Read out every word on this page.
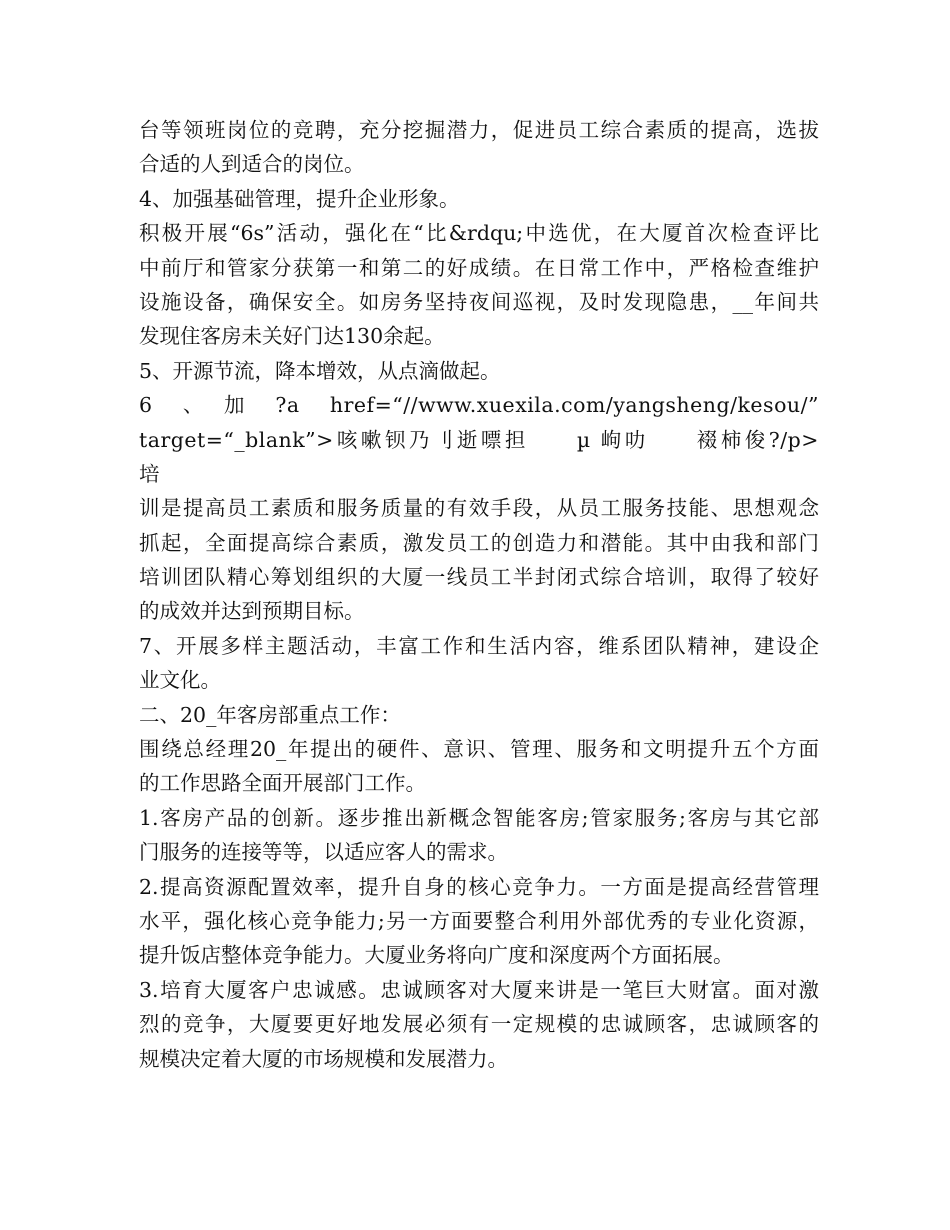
台等领班岗位的竞聘，充分挖掘潜力，促进员工综合素质的提高，选拔
合适的人到适合的岗位。
4、加强基础管理，提升企业形象。
积极开展“6s”活动，强化在“比&rdqu;中选优，在大厦首次检查评比
中前厅和管家分获第一和第二的好成绩。在日常工作中，严格检查维护
设施设备，确保安全。如房务坚持夜间巡视，及时发现隐患，__年间共
发现住客房未关好门达130余起。
5、开源节流，降本增效，从点滴做起。
6　、　加　?a　href=“//www.xuexila.com/yangsheng/kesou/”
target=“_blank”>咳嗽钡乃刂逝嘌担　　µ 岣叻　　裰柿俊?/p>
培
训是提高员工素质和服务质量的有效手段，从员工服务技能、思想观念
抓起，全面提高综合素质，激发员工的创造力和潜能。其中由我和部门
培训团队精心筹划组织的大厦一线员工半封闭式综合培训，取得了较好
的成效并达到预期目标。
7、开展多样主题活动，丰富工作和生活内容，维系团队精神，建设企
业文化。
二、20_年客房部重点工作：
围绕总经理20_年提出的硬件、意识、管理、服务和文明提升五个方面
的工作思路全面开展部门工作。
1.客房产品的创新。逐步推出新概念智能客房;管家服务;客房与其它部
门服务的连接等等，以适应客人的需求。
2.提高资源配置效率，提升自身的核心竞争力。一方面是提高经营管理
水平，强化核心竞争能力;另一方面要整合利用外部优秀的专业化资源，
提升饭店整体竞争能力。大厦业务将向广度和深度两个方面拓展。
3.培育大厦客户忠诚感。忠诚顾客对大厦来讲是一笔巨大财富。面对激
烈的竞争，大厦要更好地发展必须有一定规模的忠诚顾客，忠诚顾客的
规模决定着大厦的市场规模和发展潜力。
